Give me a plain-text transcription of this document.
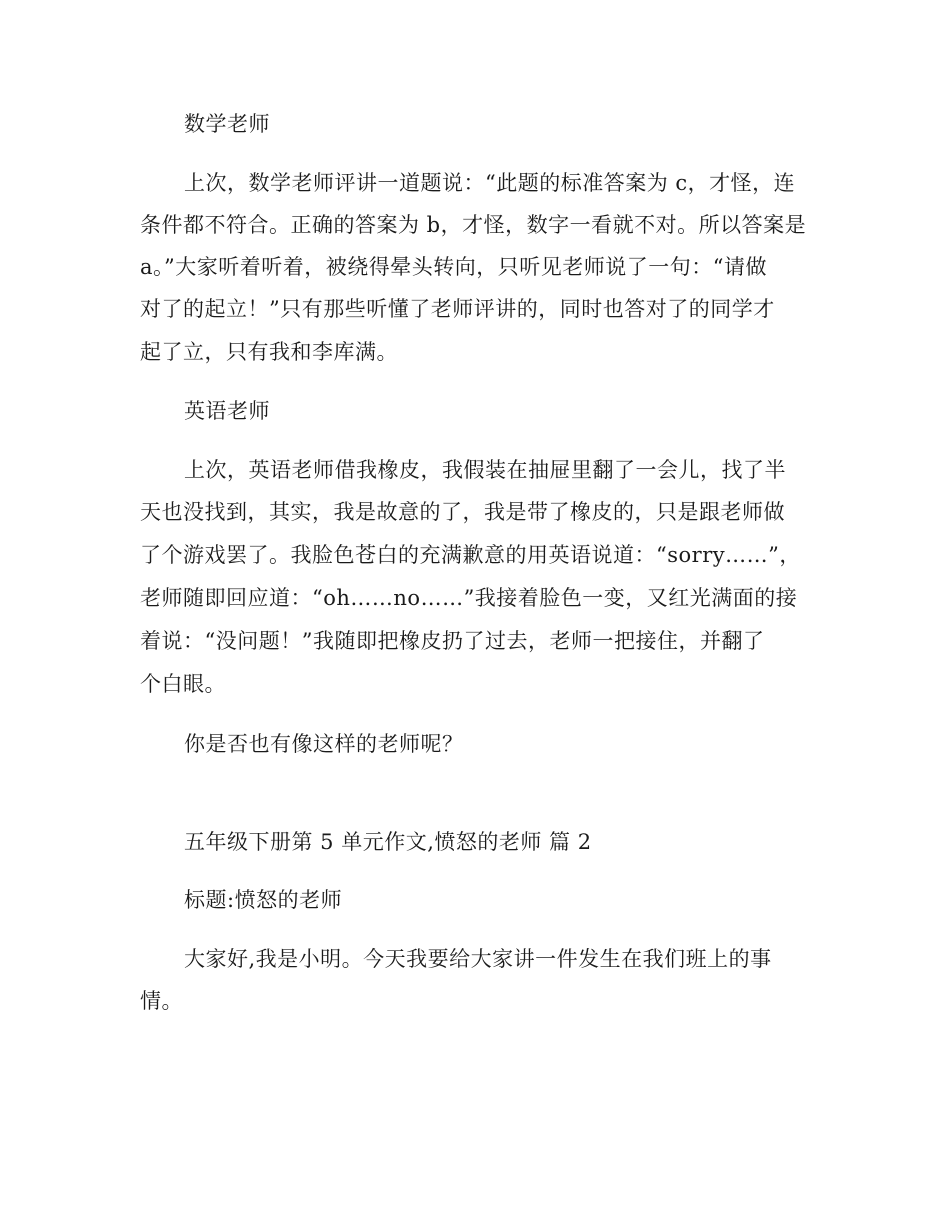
数学老师
上次，数学老师评讲一道题说：“此题的标准答案为 c，才怪，连
条件都不符合。正确的答案为 b，才怪，数字一看就不对。所以答案是
a。”大家听着听着，被绕得晕头转向，只听见老师说了一句：“请做
对了的起立！”只有那些听懂了老师评讲的，同时也答对了的同学才
起了立，只有我和李库满。
英语老师
上次，英语老师借我橡皮，我假装在抽屉里翻了一会儿，找了半
天也没找到，其实，我是故意的了，我是带了橡皮的，只是跟老师做
了个游戏罢了。我脸色苍白的充满歉意的用英语说道：“sorry……”，
老师随即回应道：“oh……no……”我接着脸色一变，又红光满面的接
着说：“没问题！”我随即把橡皮扔了过去，老师一把接住，并翻了
个白眼。
你是否也有像这样的老师呢？
五年级下册第 5 单元作文,愤怒的老师 篇 2
标题:愤怒的老师
大家好,我是小明。今天我要给大家讲一件发生在我们班上的事
情。
